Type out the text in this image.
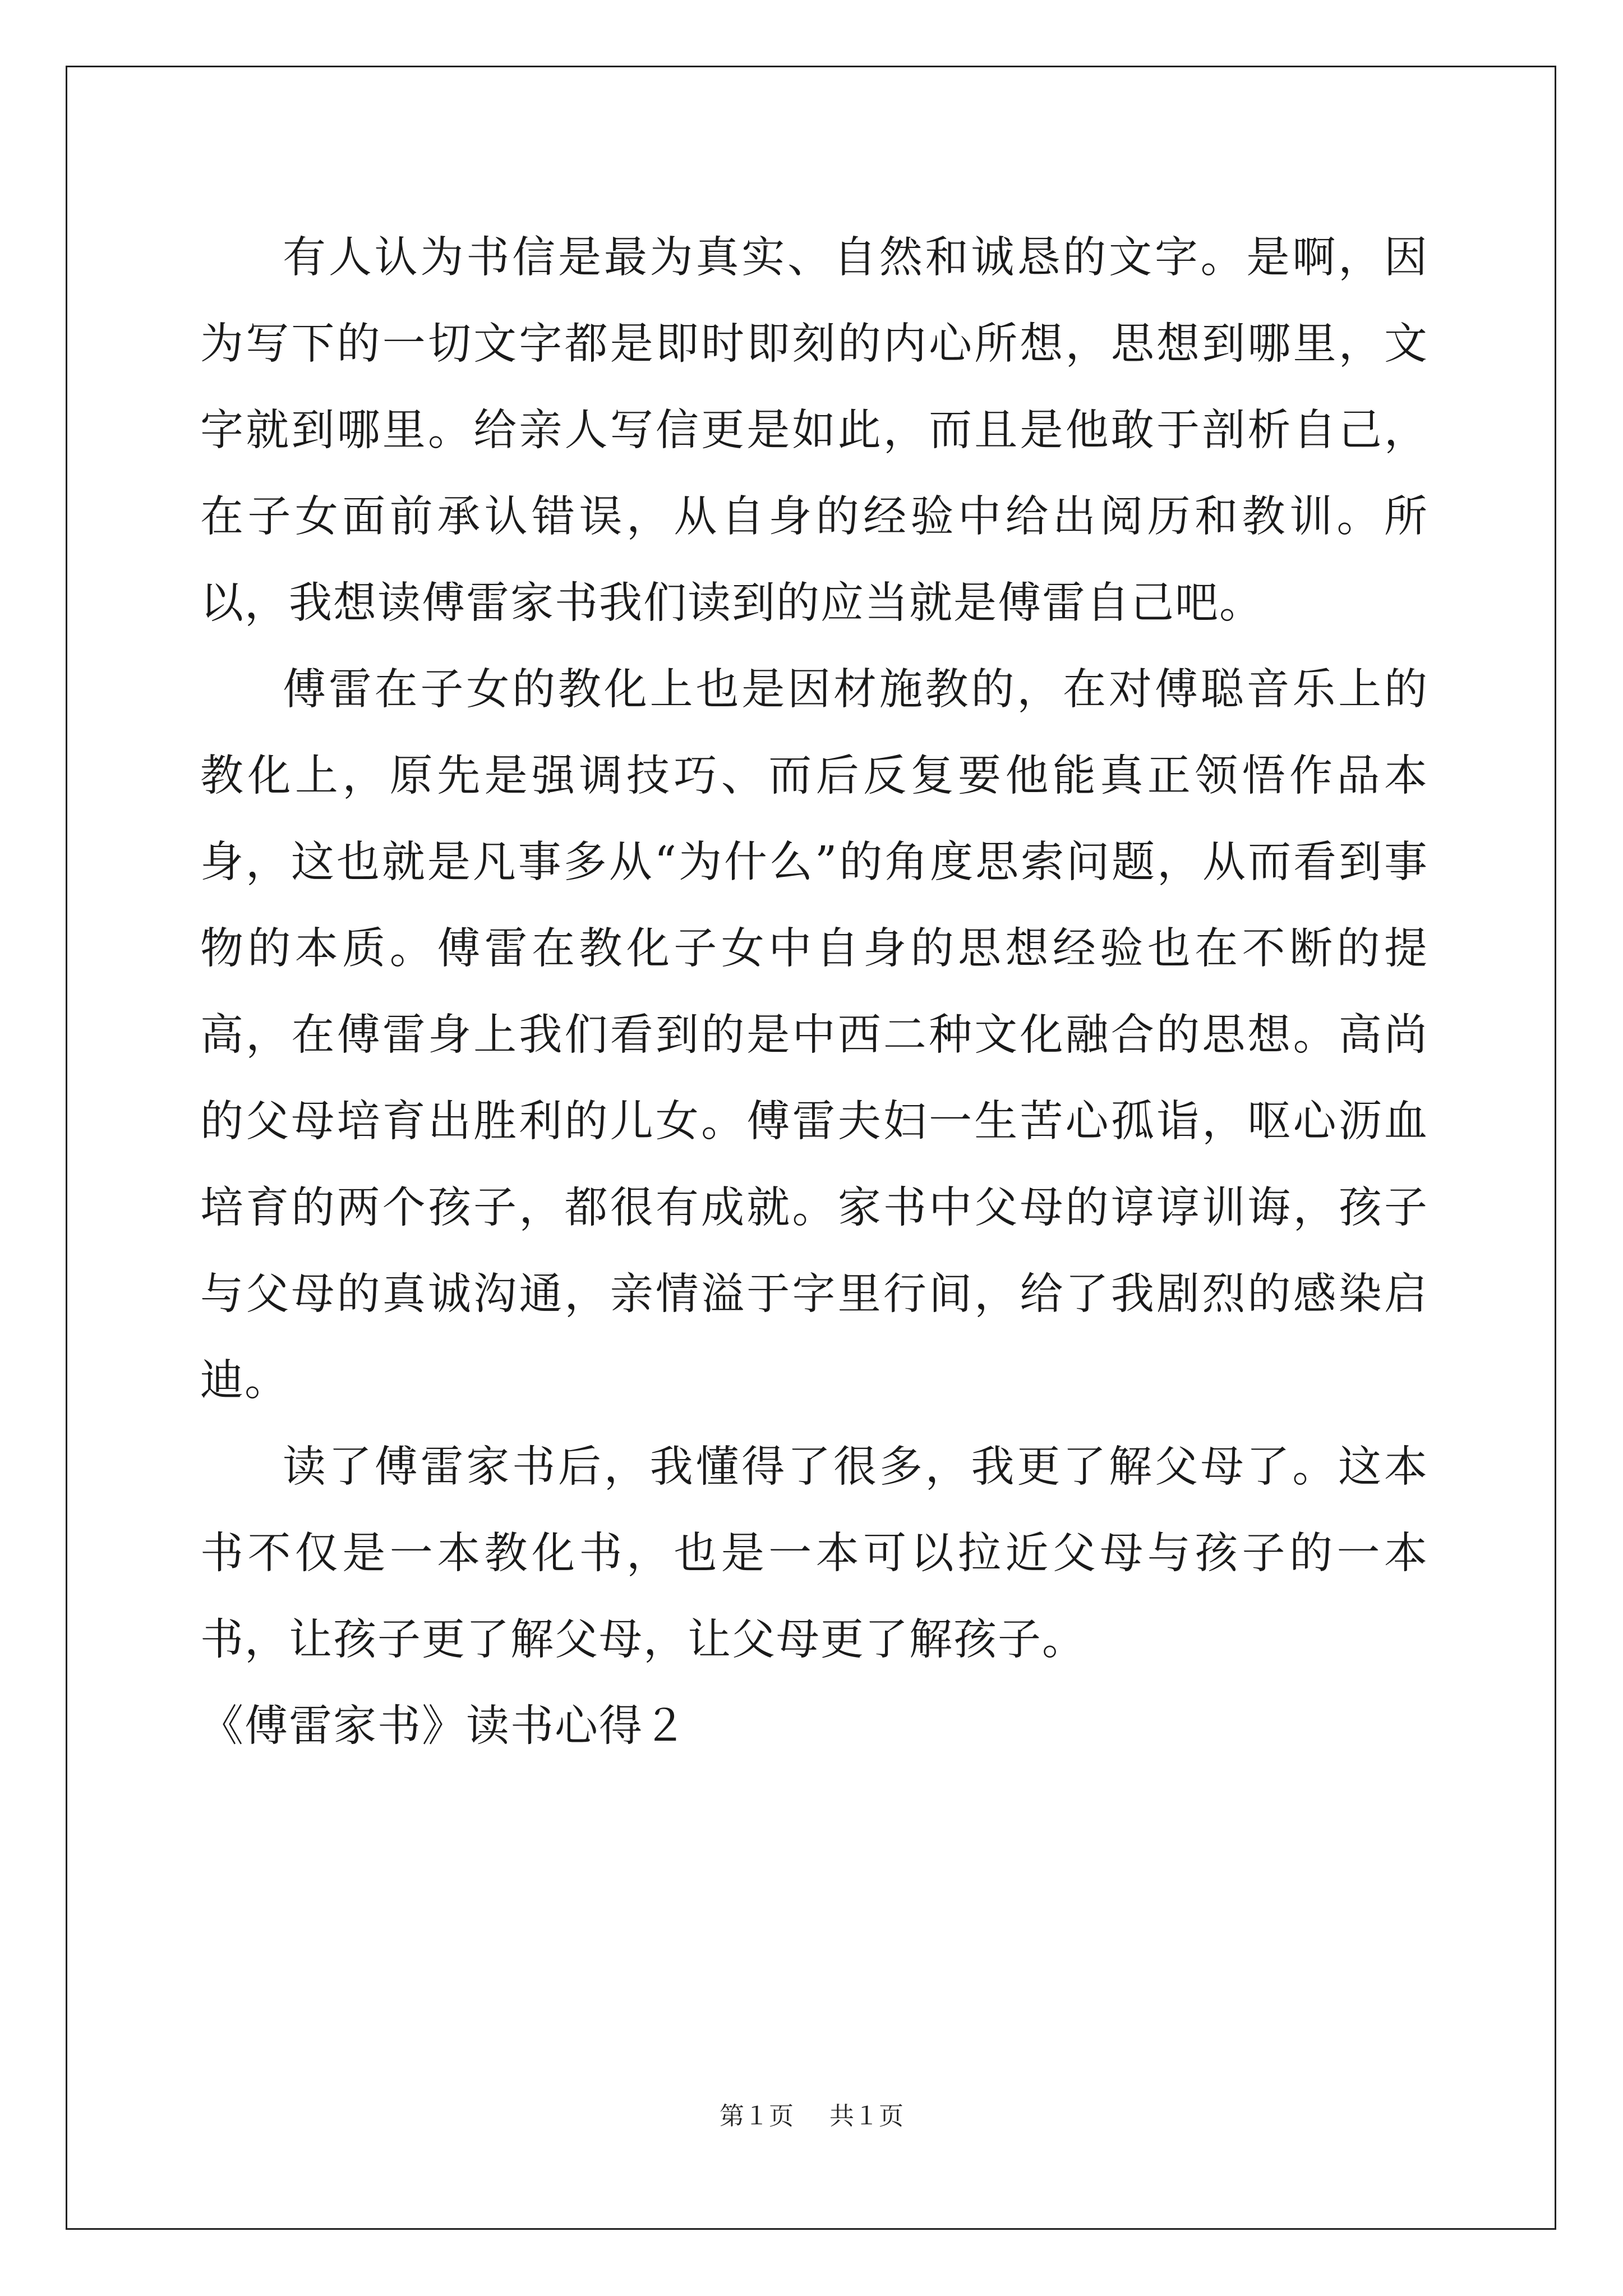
有人认为书信是最为真实、自然和诚恳的文字。是啊，因为写下的一切文字都是即时即刻的内心所想，思想到哪里，文字就到哪里。给亲人写信更是如此，而且是他敢于剖析自己，在子女面前承认错误，从自身的经验中给出阅历和教训。所以，我想读傅雷家书我们读到的应当就是傅雷自己吧。

傅雷在子女的教化上也是因材施教的，在对傅聪音乐上的教化上，原先是强调技巧、而后反复要他能真正领悟作品本身，这也就是凡事多从“为什么”的角度思索问题，从而看到事物的本质。傅雷在教化子女中自身的思想经验也在不断的提高，在傅雷身上我们看到的是中西二种文化融合的思想。高尚的父母培育出胜利的儿女。傅雷夫妇一生苦心孤诣，呕心沥血培育的两个孩子，都很有成就。家书中父母的谆谆训诲，孩子与父母的真诚沟通，亲情溢于字里行间，给了我剧烈的感染启迪。

读了傅雷家书后，我懂得了很多，我更了解父母了。这本书不仅是一本教化书，也是一本可以拉近父母与孩子的一本书，让孩子更了解父母，让父母更了解孩子。

《傅雷家书》读书心得２

第１页 共１页
